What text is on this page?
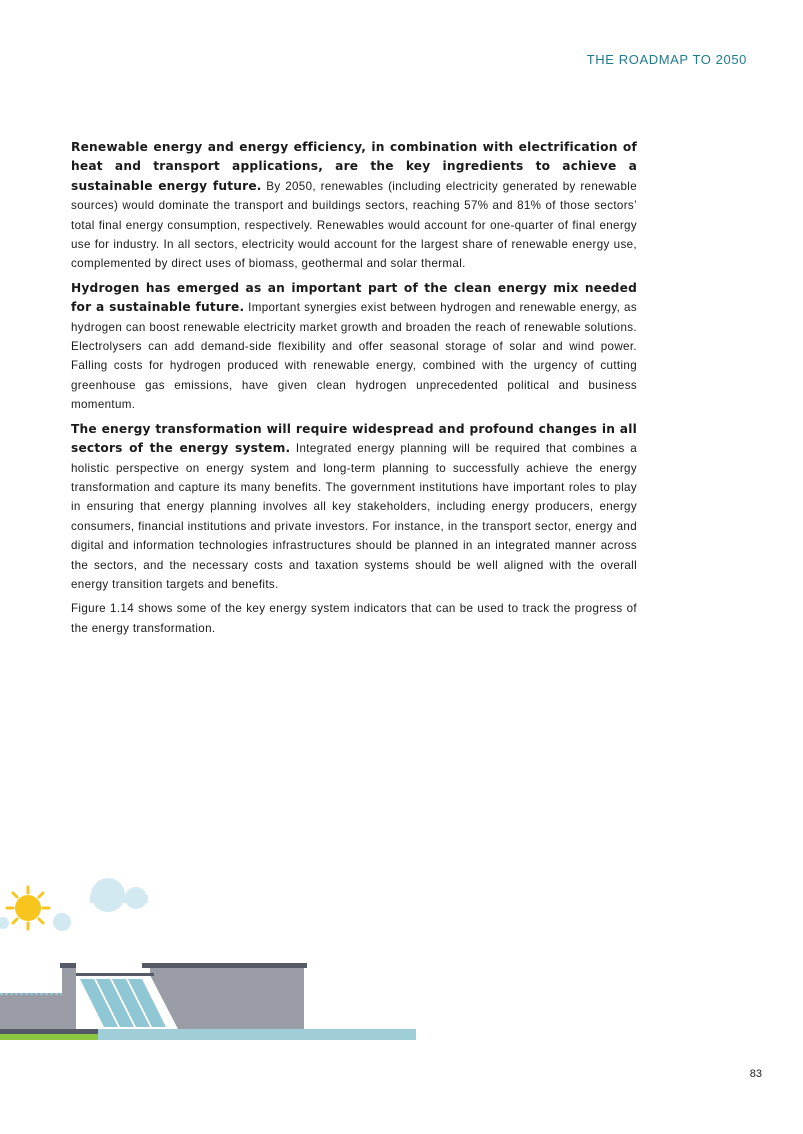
THE ROADMAP TO 2050

Renewable energy and energy efficiency, in combination with electrification of heat and transport applications, are the key ingredients to achieve a sustainable energy future. By 2050, renewables (including electricity generated by renewable sources) would dominate the transport and buildings sectors, reaching 57% and 81% of those sectors’ total final energy consumption, respectively. Renewables would account for one-quarter of final energy use for industry. In all sectors, electricity would account for the largest share of renewable energy use, complemented by direct uses of biomass, geothermal and solar thermal.

Hydrogen has emerged as an important part of the clean energy mix needed for a sustainable future. Important synergies exist between hydrogen and renewable energy, as hydrogen can boost renewable electricity market growth and broaden the reach of renewable solutions. Electrolysers can add demand-side flexibility and offer seasonal storage of solar and wind power. Falling costs for hydrogen produced with renewable energy, combined with the urgency of cutting greenhouse gas emissions, have given clean hydrogen unprecedented political and business momentum.

The energy transformation will require widespread and profound changes in all sectors of the energy system. Integrated energy planning will be required that combines a holistic perspective on energy system and long-term planning to successfully achieve the energy transformation and capture its many benefits. The government institutions have important roles to play in ensuring that energy planning involves all key stakeholders, including energy producers, energy consumers, financial institutions and private investors. For instance, in the transport sector, energy and digital and information technologies infrastructures should be planned in an integrated manner across the sectors, and the necessary costs and taxation systems should be well aligned with the overall energy transition targets and benefits.

Figure 1.14 shows some of the key energy system indicators that can be used to track the progress of the energy transformation.

83
